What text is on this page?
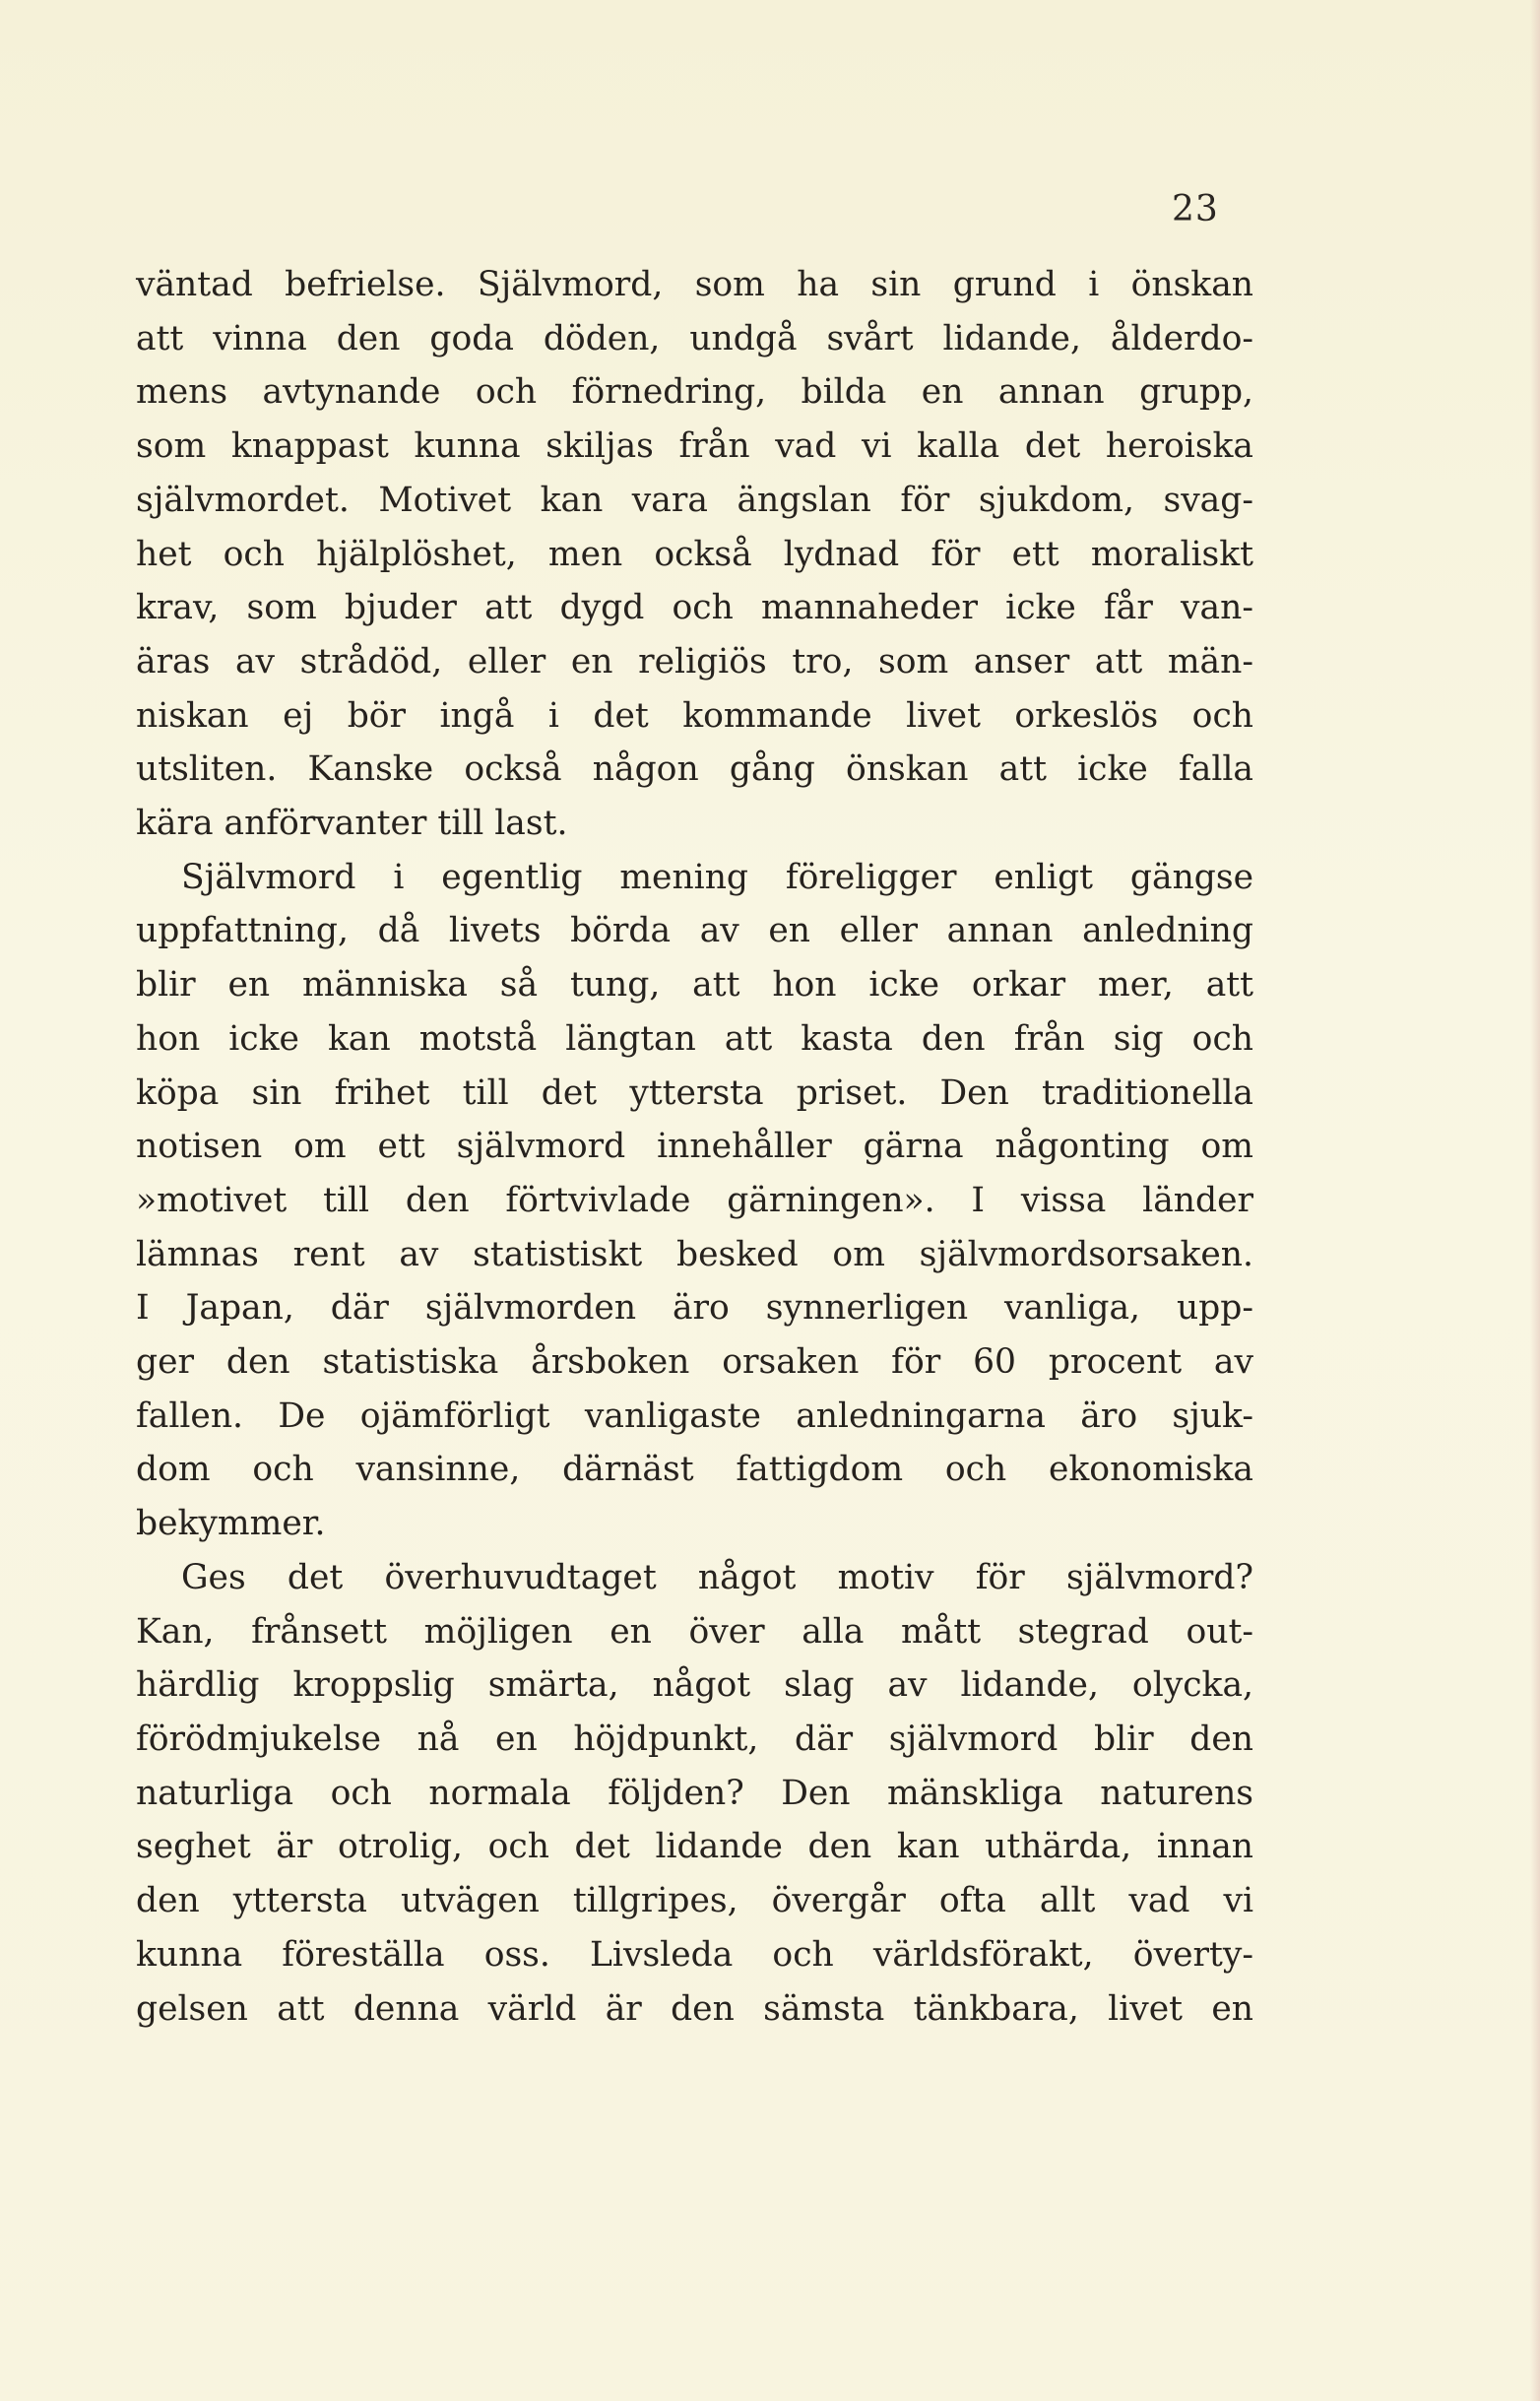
23
väntad befrielse. Självmord, som ha sin grund i önskan
att vinna den goda döden, undgå svårt lidande, ålderdo-
mens avtynande och förnedring, bilda en annan grupp,
som knappast kunna skiljas från vad vi kalla det heroiska
självmordet. Motivet kan vara ängslan för sjukdom, svag-
het och hjälplöshet, men också lydnad för ett moraliskt
krav, som bjuder att dygd och mannaheder icke får van-
äras av strådöd, eller en religiös tro, som anser att män-
niskan ej bör ingå i det kommande livet orkeslös och
utsliten. Kanske också någon gång önskan att icke falla
kära anförvanter till last.
Självmord i egentlig mening föreligger enligt gängse
uppfattning, då livets börda av en eller annan anledning
blir en människa så tung, att hon icke orkar mer, att
hon icke kan motstå längtan att kasta den från sig och
köpa sin frihet till det yttersta priset. Den traditionella
notisen om ett självmord innehåller gärna någonting om
»motivet till den förtvivlade gärningen». I vissa länder
lämnas rent av statistiskt besked om självmordsorsaken.
I Japan, där självmorden äro synnerligen vanliga, upp-
ger den statistiska årsboken orsaken för 60 procent av
fallen. De ojämförligt vanligaste anledningarna äro sjuk-
dom och vansinne, därnäst fattigdom och ekonomiska
bekymmer.
Ges det överhuvudtaget något motiv för självmord?
Kan, frånsett möjligen en över alla mått stegrad out-
härdlig kroppslig smärta, något slag av lidande, olycka,
förödmjukelse nå en höjdpunkt, där självmord blir den
naturliga och normala följden? Den mänskliga naturens
seghet är otrolig, och det lidande den kan uthärda, innan
den yttersta utvägen tillgripes, övergår ofta allt vad vi
kunna föreställa oss. Livsleda och världsförakt, överty-
gelsen att denna värld är den sämsta tänkbara, livet en
